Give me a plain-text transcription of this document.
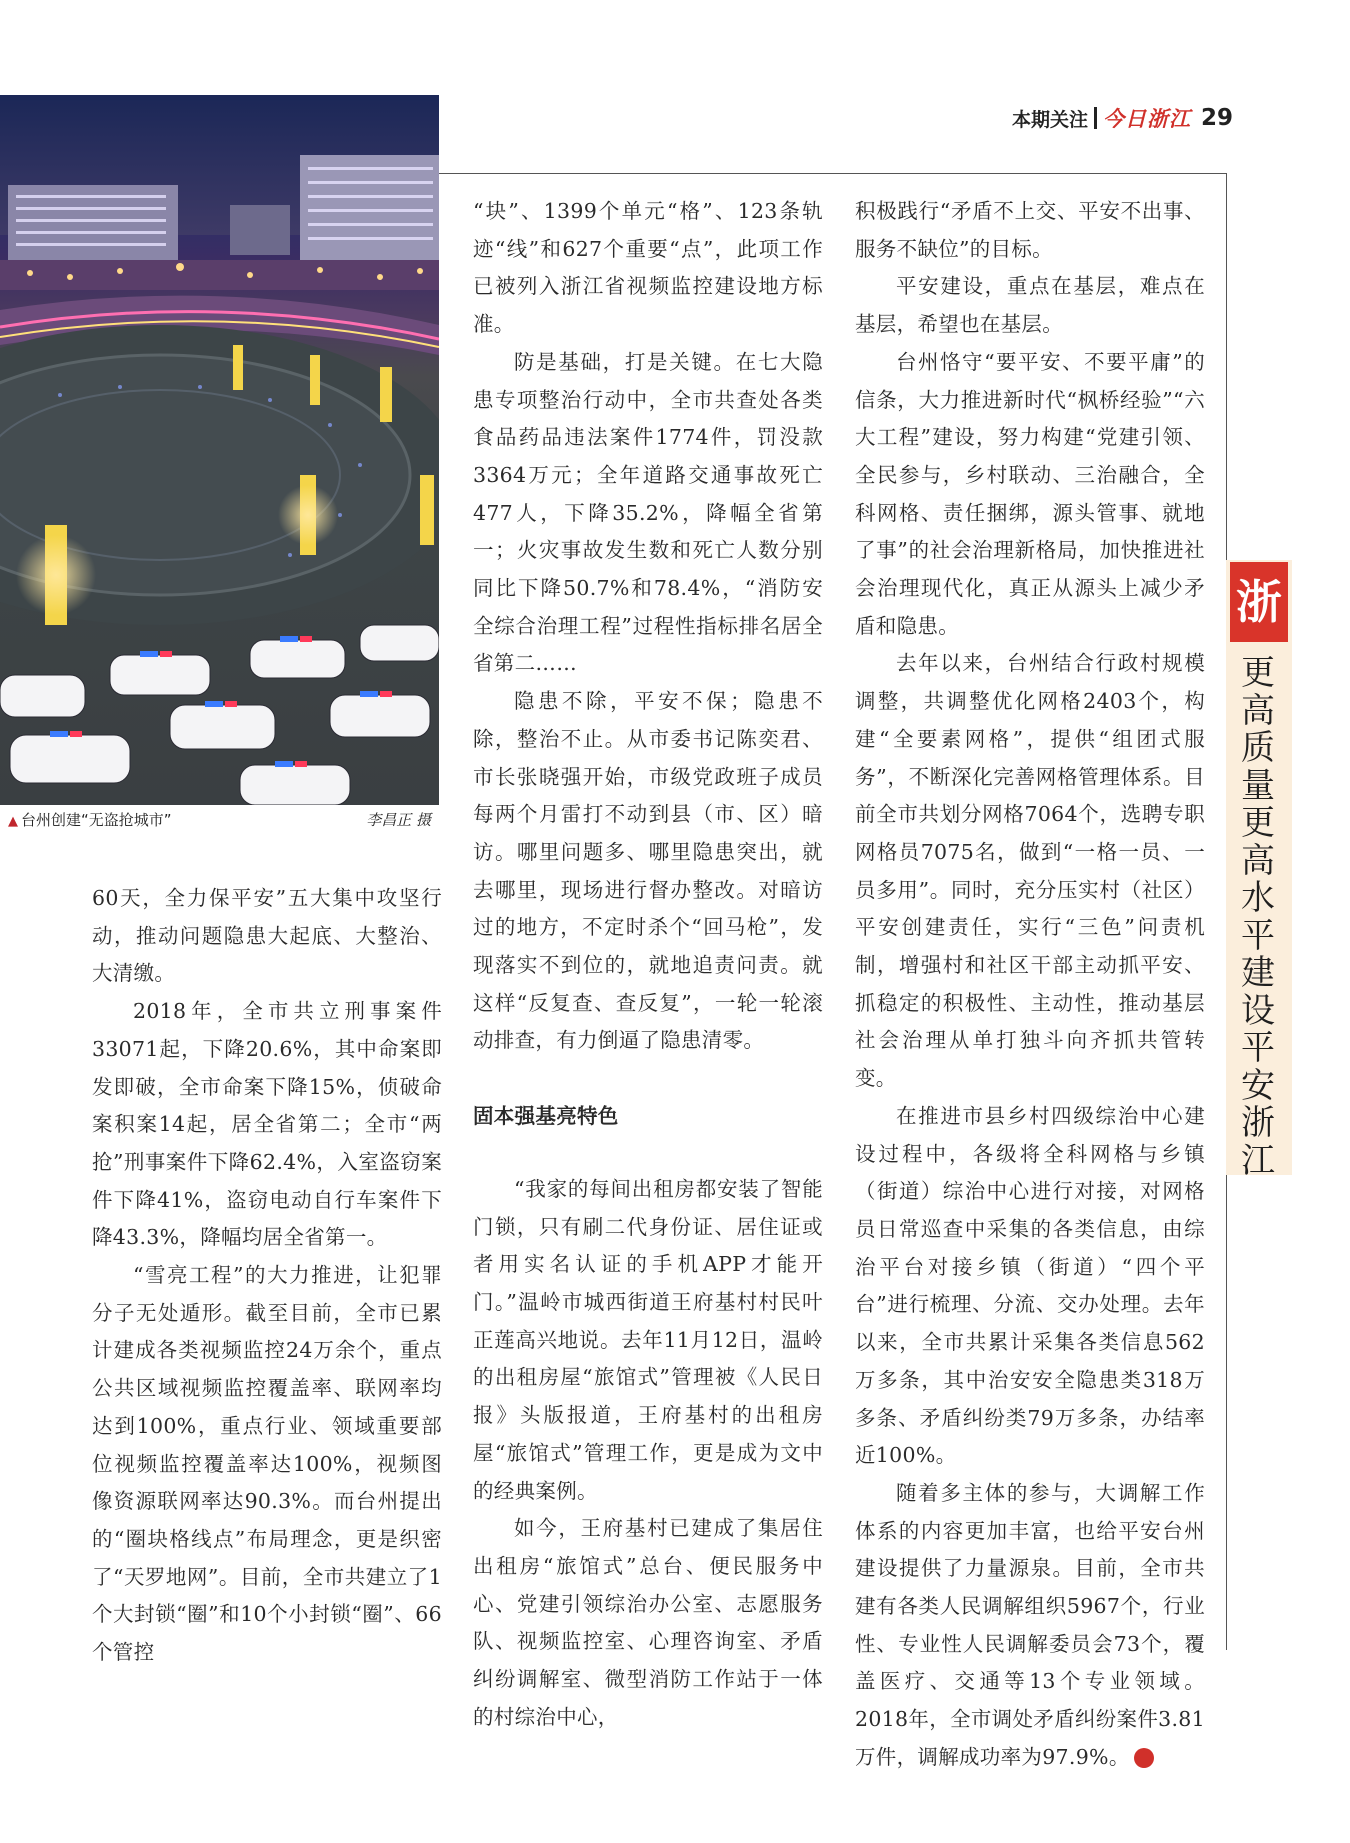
本期关注 今日浙江 29
▲ 台州创建“无盗抢城市”	李昌正 摄

60天，全力保平安”五大集中攻坚行动，推动问题隐患大起底、大整治、大清缴。

2018年，全市共立刑事案件33071起，下降20.6%，其中命案即发即破，全市命案下降15%，侦破命案积案14起，居全省第二；全市“两抢”刑事案件下降62.4%，入室盗窃案件下降41%，盗窃电动自行车案件下降43.3%，降幅均居全省第一。

“雪亮工程”的大力推进，让犯罪分子无处遁形。截至目前，全市已累计建成各类视频监控24万余个，重点公共区域视频监控覆盖率、联网率均达到100%，重点行业、领域重要部位视频监控覆盖率达100%，视频图像资源联网率达90.3%。而台州提出的“圈块格线点”布局理念，更是织密了“天罗地网”。目前，全市共建立了1个大封锁“圈”和10个小封锁“圈”、66个管控

“块”、1399个单元“格”、123条轨迹“线”和627个重要“点”，此项工作已被列入浙江省视频监控建设地方标准。

防是基础，打是关键。在七大隐患专项整治行动中，全市共查处各类食品药品违法案件1774件，罚没款3364万元；全年道路交通事故死亡477人，下降35.2%，降幅全省第一；火灾事故发生数和死亡人数分别同比下降50.7%和78.4%，“消防安全综合治理工程”过程性指标排名居全省第二……

隐患不除，平安不保；隐患不除，整治不止。从市委书记陈奕君、市长张晓强开始，市级党政班子成员每两个月雷打不动到县（市、区）暗访。哪里问题多、哪里隐患突出，就去哪里，现场进行督办整改。对暗访过的地方，不定时杀个“回马枪”，发现落实不到位的，就地追责问责。就这样“反复查、查反复”，一轮一轮滚动排查，有力倒逼了隐患清零。

固本强基亮特色

“我家的每间出租房都安装了智能门锁，只有刷二代身份证、居住证或者用实名认证的手机APP才能开门。”温岭市城西街道王府基村村民叶正莲高兴地说。去年11月12日，温岭的出租房屋“旅馆式”管理被《人民日报》头版报道，王府基村的出租房屋“旅馆式”管理工作，更是成为文中的经典案例。

如今，王府基村已建成了集居住出租房“旅馆式”总台、便民服务中心、党建引领综治办公室、志愿服务队、视频监控室、心理咨询室、矛盾纠纷调解室、微型消防工作站于一体的村综治中心，

积极践行“矛盾不上交、平安不出事、服务不缺位”的目标。

平安建设，重点在基层，难点在基层，希望也在基层。

台州恪守“要平安、不要平庸”的信条，大力推进新时代“枫桥经验”“六大工程”建设，努力构建“党建引领、全民参与，乡村联动、三治融合，全科网格、责任捆绑，源头管事、就地了事”的社会治理新格局，加快推进社会治理现代化，真正从源头上减少矛盾和隐患。

去年以来，台州结合行政村规模调整，共调整优化网格2403个，构建“全要素网格”，提供“组团式服务”，不断深化完善网格管理体系。目前全市共划分网格7064个，选聘专职网格员7075名，做到“一格一员、一员多用”。同时，充分压实村（社区）平安创建责任，实行“三色”问责机制，增强村和社区干部主动抓平安、抓稳定的积极性、主动性，推动基层社会治理从单打独斗向齐抓共管转变。

在推进市县乡村四级综治中心建设过程中，各级将全科网格与乡镇（街道）综治中心进行对接，对网格员日常巡查中采集的各类信息，由综治平台对接乡镇（街道）“四个平台”进行梳理、分流、交办处理。去年以来，全市共累计采集各类信息562万多条，其中治安安全隐患类318万多条、矛盾纠纷类79万多条，办结率近100%。

随着多主体的参与，大调解工作体系的内容更加丰富，也给平安台州建设提供了力量源泉。目前，全市共建有各类人民调解组织5967个，行业性、专业性人民调解委员会73个，覆盖医疗、交通等13个专业领域。2018年，全市调处矛盾纠纷案件3.81万件，调解成功率为97.9%。	今

浙
更高质量更高水平建设平安浙江
